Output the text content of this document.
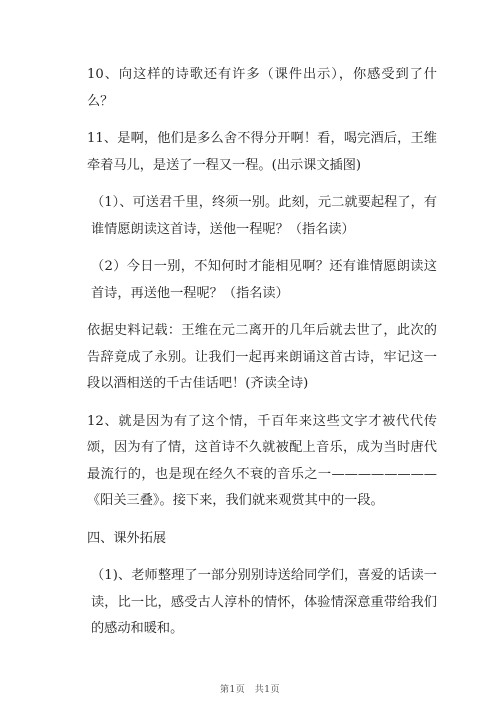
10、向这样的诗歌还有许多（课件出示），你感受到了什么？

11、是啊，他们是多么舍不得分开啊！看，喝完酒后，王维牵着马儿，是送了一程又一程。(出示课文插图)

（1）、可送君千里，终须一别。此刻，元二就要起程了，有谁情愿朗读这首诗，送他一程呢？（指名读）

（2）今日一别，不知何时才能相见啊？还有谁情愿朗读这首诗，再送他一程呢？（指名读）

依据史料记载：王维在元二离开的几年后就去世了，此次的告辞竟成了永别。让我们一起再来朗诵这首古诗，牢记这一段以酒相送的千古佳话吧！(齐读全诗)

12、就是因为有了这个情，千百年来这些文字才被代代传颂，因为有了情，这首诗不久就被配上音乐，成为当时唐代最流行的，也是现在经久不衰的音乐之一————————《阳关三叠》。接下来，我们就来观赏其中的一段。

四、课外拓展

（1)、老师整理了一部分别别诗送给同学们，喜爱的话读一读，比一比，感受古人淳朴的情怀，体验情深意重带给我们的感动和暖和。

第1页　共1页
